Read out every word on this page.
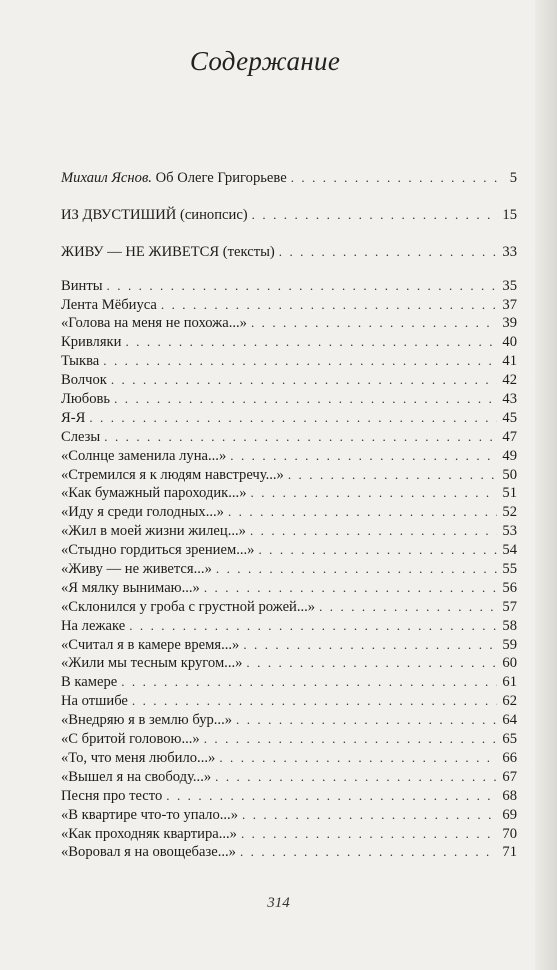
Содержание
Михаил Яснов. Об Олеге Григорьеве . . .	5
ИЗ ДВУСТИШИЙ (синопсис) . . .	15
ЖИВУ — НЕ ЖИВЕТСЯ (тексты) . . .	33
Винты . . .	35
Лента Мёбиуса . . .	37
«Голова на меня не похожа...» . . .	39
Кривляки . . .	40
Тыква . . .	41
Волчок . . .	42
Любовь . . .	43
Я-Я . . .	45
Слезы . . .	47
«Солнце заменила луна...» . . .	49
«Стремился я к людям навстречу...» . . .	50
«Как бумажный пароходик...» . . .	51
«Иду я среди голодных...» . . .	52
«Жил в моей жизни жилец...» . . .	53
«Стыдно гордиться зрением...» . . .	54
«Живу — не живется...» . . .	55
«Я мялку вынимаю...» . . .	56
«Склонился у гроба с грустной рожей...» . . .	57
На лежаке . . .	58
«Считал я в камере время...» . . .	59
«Жили мы тесным кругом...» . . .	60
В камере . . .	61
На отшибе . . .	62
«Внедряю я в землю бур...» . . .	64
«С бритой головою...» . . .	65
«То, что меня любило...» . . .	66
«Вышел я на свободу...» . . .	67
Песня про тесто . . .	68
«В квартире что-то упало...» . . .	69
«Как проходняк квартира...» . . .	70
«Воровал я на овощебазе...» . . .	71
314
